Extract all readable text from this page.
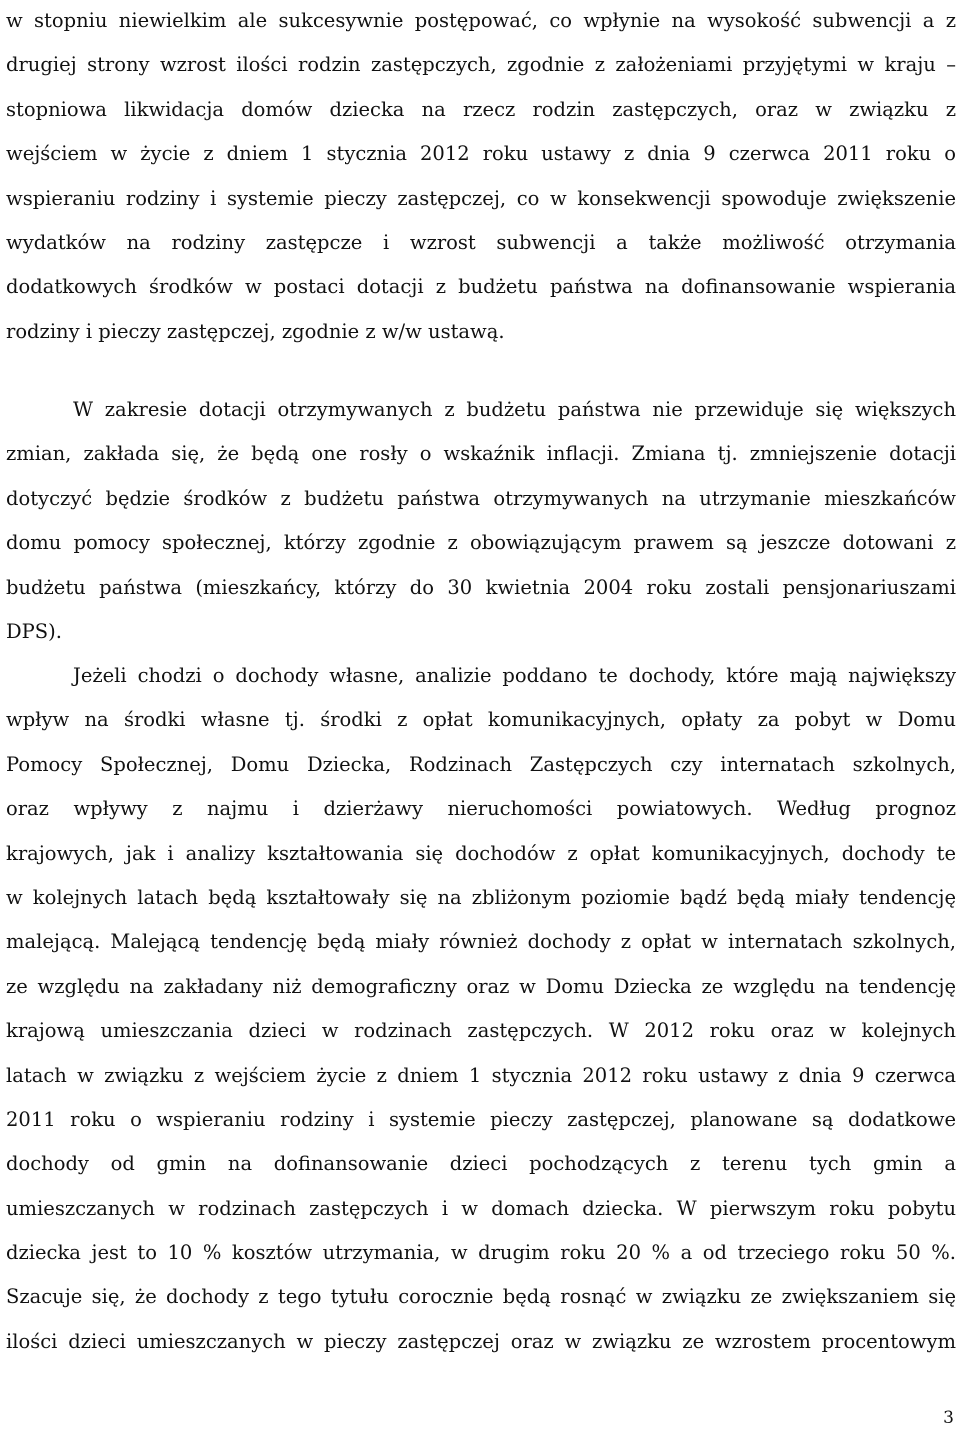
w stopniu niewielkim ale sukcesywnie postępować, co wpłynie na wysokość subwencji a z
drugiej strony wzrost ilości rodzin zastępczych, zgodnie z założeniami przyjętymi w kraju –
stopniowa likwidacja domów dziecka na rzecz rodzin zastępczych, oraz w związku z
wejściem w życie z dniem 1 stycznia 2012 roku ustawy z dnia 9 czerwca 2011 roku o
wspieraniu rodziny i systemie pieczy zastępczej, co w konsekwencji spowoduje zwiększenie
wydatków na rodziny zastępcze i wzrost subwencji a także możliwość otrzymania
dodatkowych środków w postaci dotacji z budżetu państwa na dofinansowanie wspierania
rodziny i pieczy zastępczej, zgodnie z w/w ustawą.
W zakresie dotacji otrzymywanych z budżetu państwa nie przewiduje się większych
zmian, zakłada się, że będą one rosły o wskaźnik inflacji. Zmiana tj. zmniejszenie dotacji
dotyczyć będzie środków z budżetu państwa otrzymywanych na utrzymanie mieszkańców
domu pomocy społecznej, którzy zgodnie z obowiązującym prawem są jeszcze dotowani z
budżetu państwa (mieszkańcy, którzy do 30 kwietnia 2004 roku zostali pensjonariuszami
DPS).
Jeżeli chodzi o dochody własne, analizie poddano te dochody, które mają największy
wpływ na środki własne tj. środki z opłat komunikacyjnych, opłaty za pobyt w Domu
Pomocy Społecznej, Domu Dziecka, Rodzinach Zastępczych czy internatach szkolnych,
oraz wpływy z najmu i dzierżawy nieruchomości powiatowych. Według prognoz
krajowych, jak i analizy kształtowania się dochodów z opłat komunikacyjnych, dochody te
w kolejnych latach będą kształtowały się na zbliżonym poziomie bądź będą miały tendencję
malejącą. Malejącą tendencję będą miały również dochody z opłat w internatach szkolnych,
ze względu na zakładany niż demograficzny oraz w Domu Dziecka ze względu na tendencję
krajową umieszczania dzieci w rodzinach zastępczych. W 2012 roku oraz w kolejnych
latach w związku z wejściem życie z dniem 1 stycznia 2012 roku ustawy z dnia 9 czerwca
2011 roku o wspieraniu rodziny i systemie pieczy zastępczej, planowane są dodatkowe
dochody od gmin na dofinansowanie dzieci pochodzących z terenu tych gmin a
umieszczanych w rodzinach zastępczych i w domach dziecka. W pierwszym roku pobytu
dziecka jest to 10 % kosztów utrzymania, w drugim roku 20 % a od trzeciego roku 50 %.
Szacuje się, że dochody z tego tytułu corocznie będą rosnąć w związku ze zwiększaniem się
ilości dzieci umieszczanych w pieczy zastępczej oraz w związku ze wzrostem procentowym
3
